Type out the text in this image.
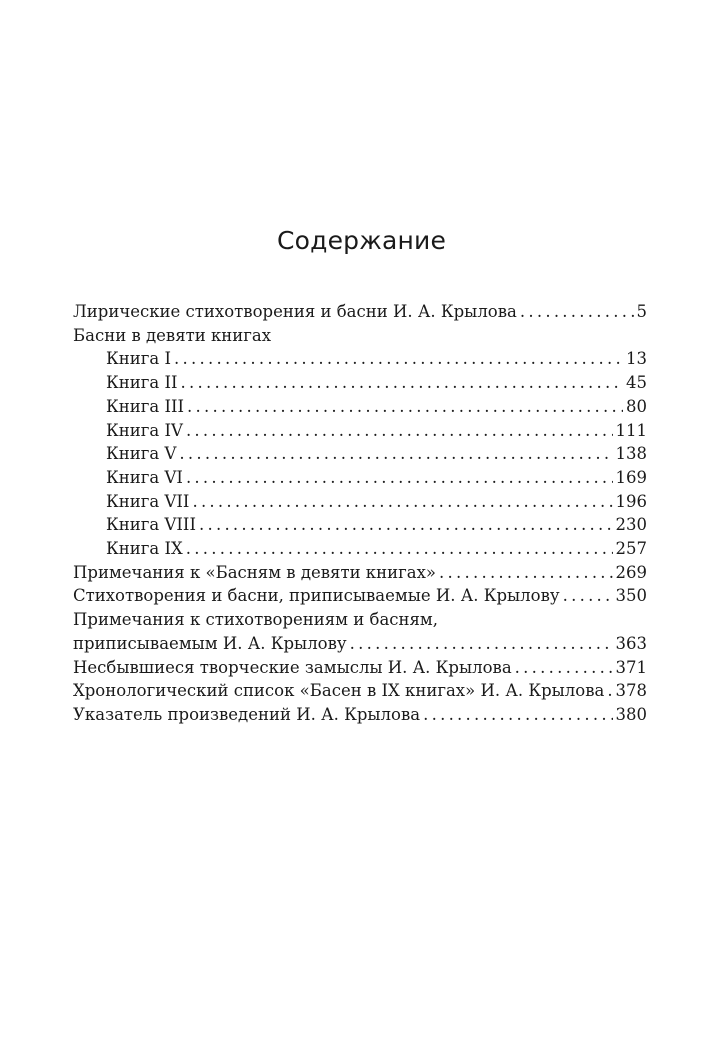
Содержание
Лирические стихотворения и басни И. А. Крылова . . .	5
Басни в девяти книгах
Книга I . . .	13
Книга II . . .	45
Книга III . . .	80
Книга IV . . .	111
Книга V . . .	138
Книга VI . . .	169
Книга VII . . .	196
Книга VIII . . .	230
Книга IX . . .	257
Примечания к «Басням в девяти книгах» . . .	269
Стихотворения и басни, приписываемые И. А. Крылову . . .	350
Примечания к стихотворениям и басням,
приписываемым И. А. Крылову . . .	363
Несбывшиеся творческие замыслы И. А. Крылова . . .	371
Хронологический список «Басен в IX книгах» И. А. Крылова . . . 378
Указатель произведений И. А. Крылова . . .	380
